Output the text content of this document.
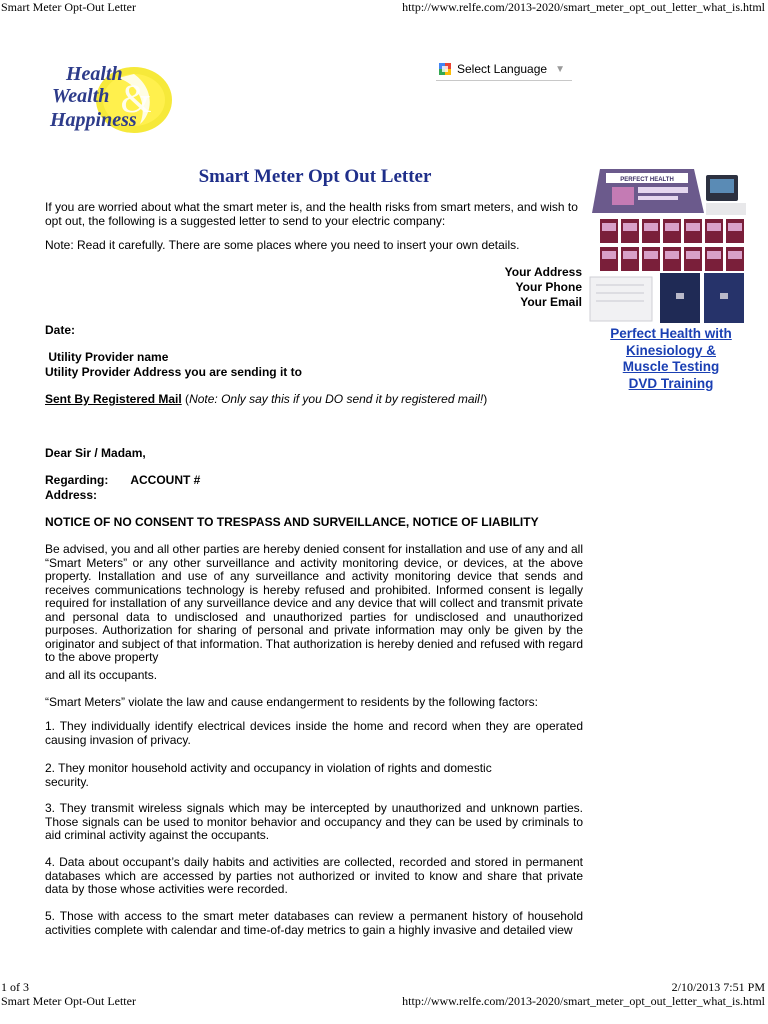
Smart Meter Opt-Out Letter	http://www.relfe.com/2013-2020/smart_meter_opt_out_letter_what_is.html
&
Health
Wealth
Happiness
Select Language ▼
Smart Meter Opt Out Letter
If you are worried about what the smart meter is, and the health risks from smart meters, and wish to opt out, the following is a suggested letter to send to your electric company:
Note: Read it carefully. There are some places where you need to insert your own details.
Your Address
Your Phone
Your Email
Date:
Utility Provider name
Utility Provider Address you are sending it to
Sent By Registered Mail (Note: Only say this if you DO send it by registered mail!)
Dear Sir / Madam,
Regarding: ACCOUNT #
Address:
NOTICE OF NO CONSENT TO TRESPASS AND SURVEILLANCE, NOTICE OF LIABILITY
Be advised, you and all other parties are hereby denied consent for installation and use of any and all “Smart Meters” or any other surveillance and activity monitoring device, or devices, at the above property. Installation and use of any surveillance and activity monitoring device that sends and receives communications technology is hereby refused and prohibited. Informed consent is legally required for installation of any surveillance device and any device that will collect and transmit private and personal data to undisclosed and unauthorized parties for undisclosed and unauthorized purposes. Authorization for sharing of personal and private information may only be given by the originator and subject of that information. That authorization is hereby denied and refused with regard to the above property
and all its occupants.
“Smart Meters” violate the law and cause endangerment to residents by the following factors:
1. They individually identify electrical devices inside the home and record when they are operated causing invasion of privacy.
2. They monitor household activity and occupancy in violation of rights and domestic security.
3. They transmit wireless signals which may be intercepted by unauthorized and unknown parties. Those signals can be used to monitor behavior and occupancy and they can be used by criminals to aid criminal activity against the occupants.
4. Data about occupant’s daily habits and activities are collected, recorded and stored in permanent databases which are accessed by parties not authorized or invited to know and share that private data by those whose activities were recorded.
5. Those with access to the smart meter databases can review a permanent history of household activities complete with calendar and time-of-day metrics to gain a highly invasive and detailed view
PERFECT HEALTH
Perfect Health with
Kinesiology &
Muscle Testing
DVD Training
1 of 3	2/10/2013 7:51 PM
Smart Meter Opt-Out Letter	http://www.relfe.com/2013-2020/smart_meter_opt_out_letter_what_is.html
